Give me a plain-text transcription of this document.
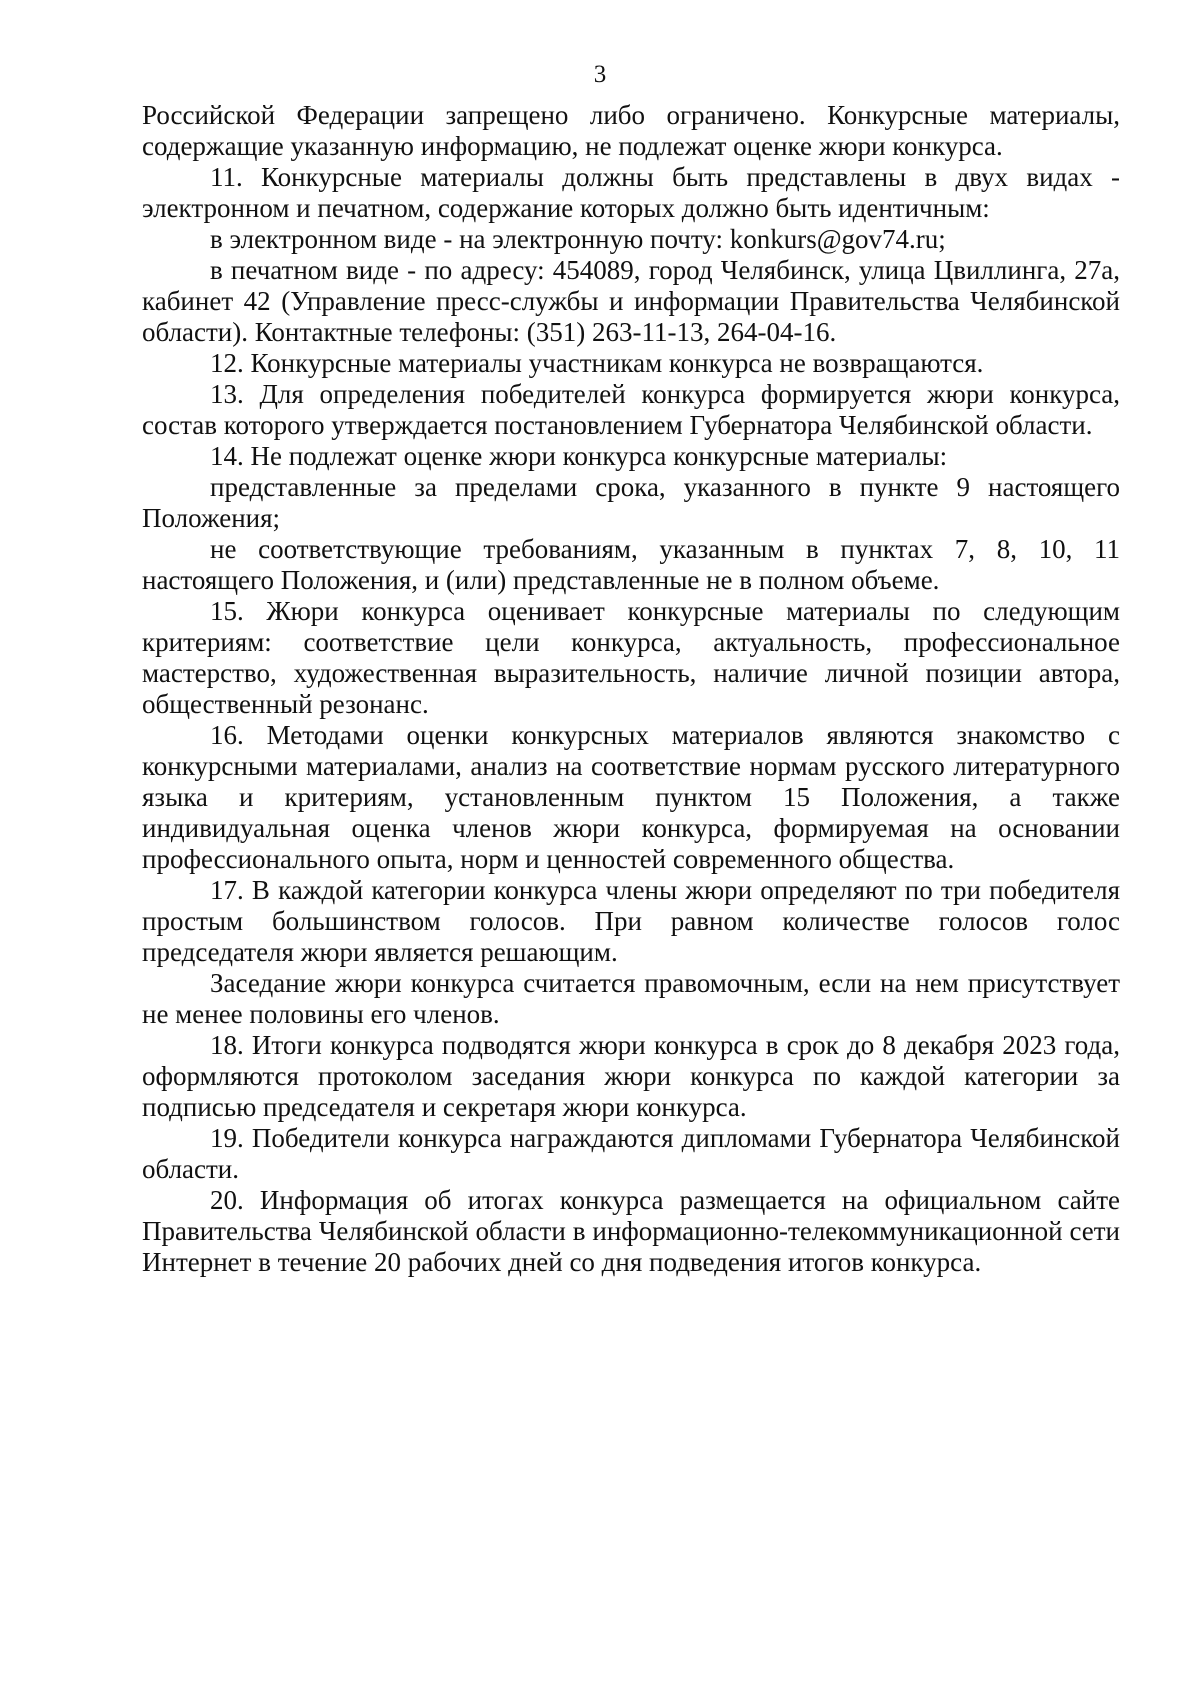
3

Российской Федерации запрещено либо ограничено. Конкурсные материалы, содержащие указанную информацию, не подлежат оценке жюри конкурса.

11. Конкурсные материалы должны быть представлены в двух видах - электронном и печатном, содержание которых должно быть идентичным:

в электронном виде - на электронную почту: konkurs@gov74.ru;

в печатном виде - по адресу: 454089, город Челябинск, улица Цвиллинга, 27а, кабинет 42 (Управление пресс-службы и информации Правительства Челябинской области). Контактные телефоны: (351) 263-11-13, 264-04-16.

12. Конкурсные материалы участникам конкурса не возвращаются.

13. Для определения победителей конкурса формируется жюри конкурса, состав которого утверждается постановлением Губернатора Челябинской области.

14. Не подлежат оценке жюри конкурса конкурсные материалы:

представленные за пределами срока, указанного в пункте 9 настоящего Положения;

не соответствующие требованиям, указанным в пунктах 7, 8, 10, 11 настоящего Положения, и (или) представленные не в полном объеме.

15. Жюри конкурса оценивает конкурсные материалы по следующим критериям: соответствие цели конкурса, актуальность, профессиональное мастерство, художественная выразительность, наличие личной позиции автора, общественный резонанс.

16. Методами оценки конкурсных материалов являются знакомство с конкурсными материалами, анализ на соответствие нормам русского литературного языка и критериям, установленным пунктом 15 Положения, а также индивидуальная оценка членов жюри конкурса, формируемая на основании профессионального опыта, норм и ценностей современного общества.

17. В каждой категории конкурса члены жюри определяют по три победителя простым большинством голосов. При равном количестве голосов голос председателя жюри является решающим.

Заседание жюри конкурса считается правомочным, если на нем присутствует не менее половины его членов.

18. Итоги конкурса подводятся жюри конкурса в срок до 8 декабря 2023 года, оформляются протоколом заседания жюри конкурса по каждой категории за подписью председателя и секретаря жюри конкурса.

19. Победители конкурса награждаются дипломами Губернатора Челябинской области.

20. Информация об итогах конкурса размещается на официальном сайте Правительства Челябинской области в информационно-телекоммуникационной сети Интернет в течение 20 рабочих дней со дня подведения итогов конкурса.
